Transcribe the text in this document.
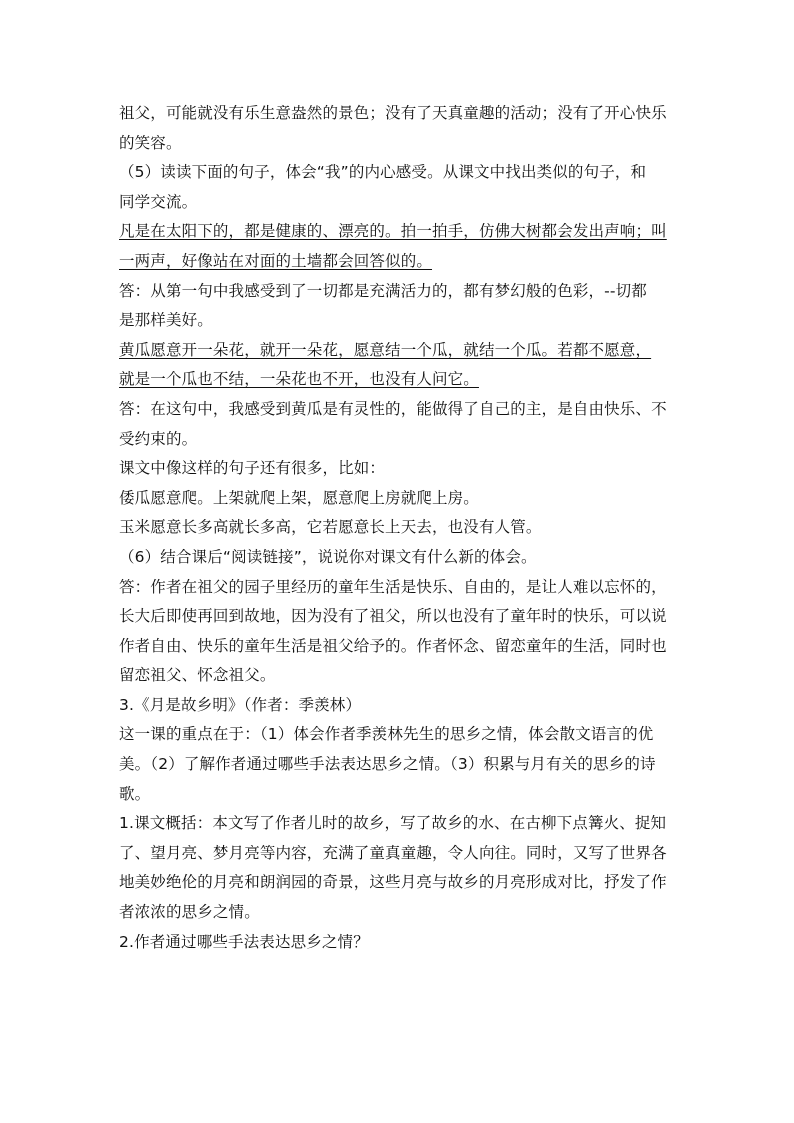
祖父，可能就没有乐生意盎然的景色；没有了天真童趣的活动；没有了开心快乐
的笑容。
（5）读读下面的句子，体会“我”的内心感受。从课文中找出类似的句子，和
同学交流。
凡是在太阳下的，都是健康的、漂亮的。拍一拍手，仿佛大树都会发出声响；叫
一两声，好像站在对面的土墙都会回答似的。
答：从第一句中我感受到了一切都是充满活力的，都有梦幻般的色彩，--切都
是那样美好。
黄瓜愿意开一朵花，就开一朵花，愿意结一个瓜，就结一个瓜。若都不愿意，
就是一个瓜也不结，一朵花也不开，也没有人问它。
答：在这句中，我感受到黄瓜是有灵性的，能做得了自己的主，是自由快乐、不
受约束的。
课文中像这样的句子还有很多，比如：
倭瓜愿意爬。上架就爬上架，愿意爬上房就爬上房。
玉米愿意长多高就长多高，它若愿意长上天去，也没有人管。
（6）结合课后“阅读链接”，说说你对课文有什么新的体会。
答：作者在祖父的园子里经历的童年生活是快乐、自由的，是让人难以忘怀的，
长大后即使再回到故地，因为没有了祖父，所以也没有了童年时的快乐，可以说
作者自由、快乐的童年生活是祖父给予的。作者怀念、留恋童年的生活，同时也
留恋祖父、怀念祖父。
3.《月是故乡明》（作者：季羡林）
这一课的重点在于：（1）体会作者季羡林先生的思乡之情，体会散文语言的优
美。（2）了解作者通过哪些手法表达思乡之情。（3）积累与月有关的思乡的诗
歌。
1.课文概括：本文写了作者儿时的故乡，写了故乡的水、在古柳下点篝火、捉知
了、望月亮、梦月亮等内容，充满了童真童趣，令人向往。同时，又写了世界各
地美妙绝伦的月亮和朗润园的奇景，这些月亮与故乡的月亮形成对比，抒发了作
者浓浓的思乡之情。
2.作者通过哪些手法表达思乡之情？
